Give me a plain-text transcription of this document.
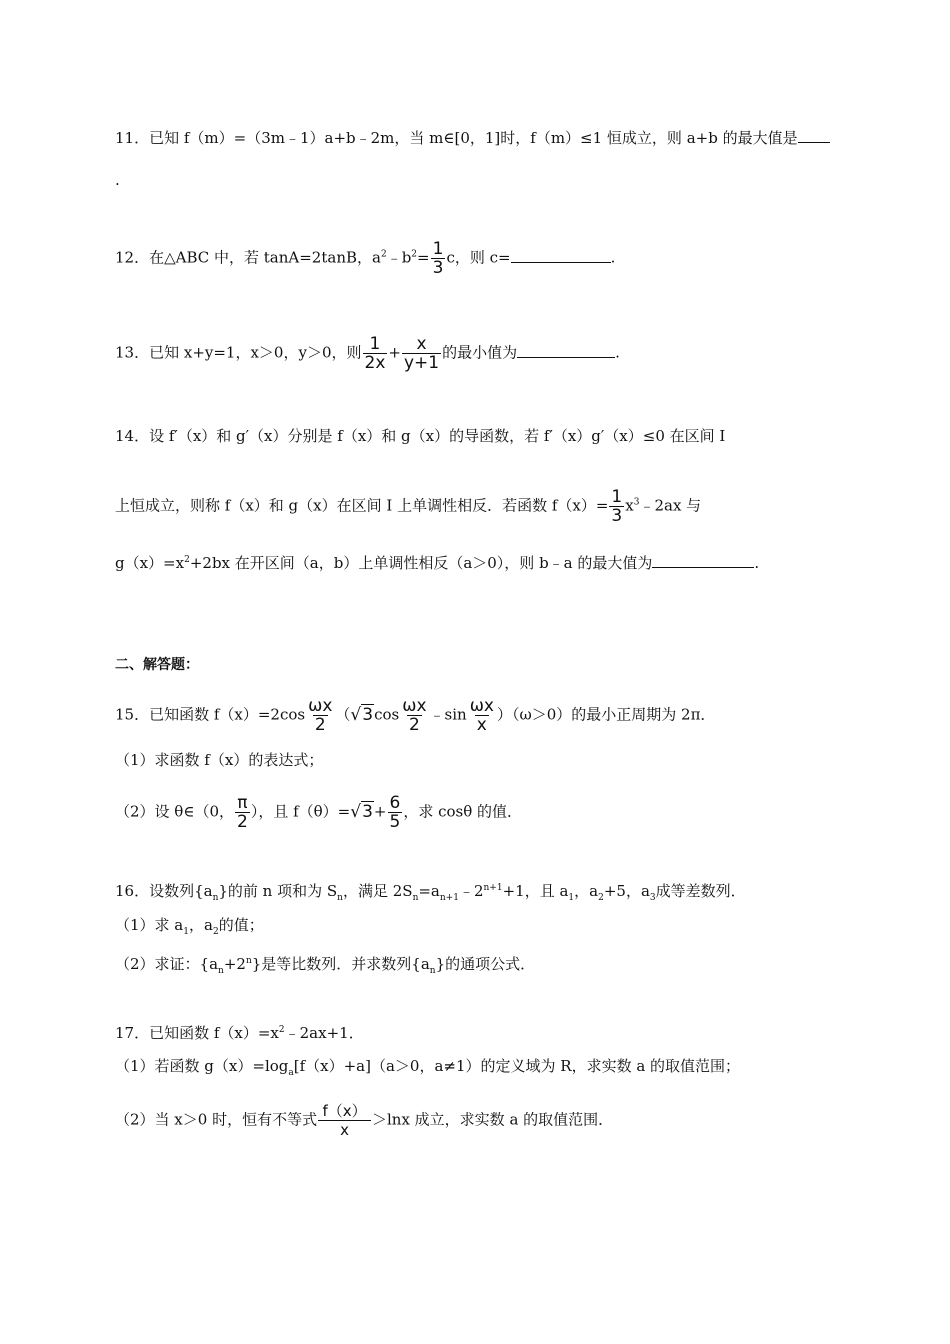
11．已知 f（m）=（3m﹣1）a+b﹣2m，当 m∈[0，1]时，f（m）≤1 恒成立，则 a+b 的最大值是
.
12．在△ABC 中，若 tanA=2tanB，$a^2﹣b^2= \frac{1}{3}$ c，则 c=	.
13．已知 x+y=1，x＞0，y＞0，则 $\frac{1}{2x} + \frac{x}{y+1}$ 的最小值为	.
14．设 f′（x）和 g′（x）分别是 f（x）和 g（x）的导函数，若 f′（x）g′（x）≤0 在区间 I
上恒成立，则称 f（x）和 g（x）在区间 I 上单调性相反．若函数 $f(x)= \frac{1}{3}$ $x^3﹣2ax$ 与
$g(x)=x^2+2bx$ 在开区间（a，b）上单调性相反（a＞0），则 b﹣a 的最大值为	.
二、解答题：
15．已知函数 $f(x)=2\cos \frac{\omega x}{2} (√3\cos \frac{\omega x}{2}$ ﹣sin $\frac{\omega x}{x} )(\omega>0)$的最小正周期为 2π．
（1）求函数 f（x）的表达式；
（2）设 θ∈（0， $\frac{\pi}{2}$ ），且 $f(\theta)=√3+ \frac{6}{5}$ ，求 cosθ 的值．
16．设数列$\{a_n\}$的前 n 项和为 $S_n$，满足 $2S_n=a_{n+1}﹣2^{n+1}+1$，且 $a_1$，$a_2+5$，$a_3$成等差数列．
（1）求 $a_1$，$a_2$的值；
（2）求证：$\{a_n+2^n\}$是等比数列．并求数列$\{a_n\}$的通项公式．
17．已知函数 $f(x)=x^2﹣2ax+1$．
（1）若函数 $g(x)=\log_a[f(x)+a](a>0$，a≠1）的定义域为 R，求实数 a 的取值范围；
（2）当 x＞0 时，恒有不等式 $\frac{f(x)}{x} >\ln x$ 成立，求实数 a 的取值范围．
